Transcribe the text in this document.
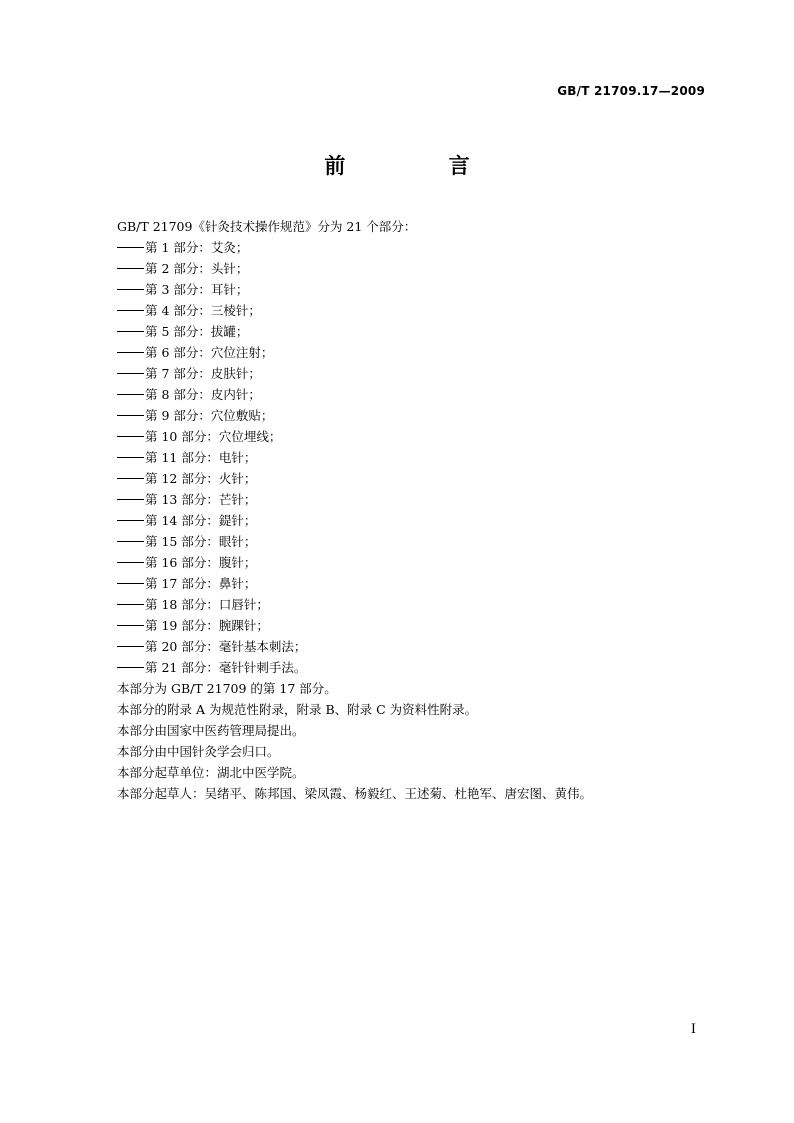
GB/T 21709.17—2009
前 言
GB/T 21709《针灸技术操作规范》分为 21 个部分：
第 1 部分：艾灸；
第 2 部分：头针；
第 3 部分：耳针；
第 4 部分：三棱针；
第 5 部分：拔罐；
第 6 部分：穴位注射；
第 7 部分：皮肤针；
第 8 部分：皮内针；
第 9 部分：穴位敷贴；
第 10 部分：穴位埋线；
第 11 部分：电针；
第 12 部分：火针；
第 13 部分：芒针；
第 14 部分：鍉针；
第 15 部分：眼针；
第 16 部分：腹针；
第 17 部分：鼻针；
第 18 部分：口唇针；
第 19 部分：腕踝针；
第 20 部分：毫针基本刺法；
第 21 部分：毫针针刺手法。
本部分为 GB/T 21709 的第 17 部分。
本部分的附录 A 为规范性附录，附录 B、附录 C 为资料性附录。
本部分由国家中医药管理局提出。
本部分由中国针灸学会归口。
本部分起草单位：湖北中医学院。
本部分起草人：吴绪平、陈邦国、梁凤霞、杨毅红、王述菊、杜艳军、唐宏图、黄伟。
I
